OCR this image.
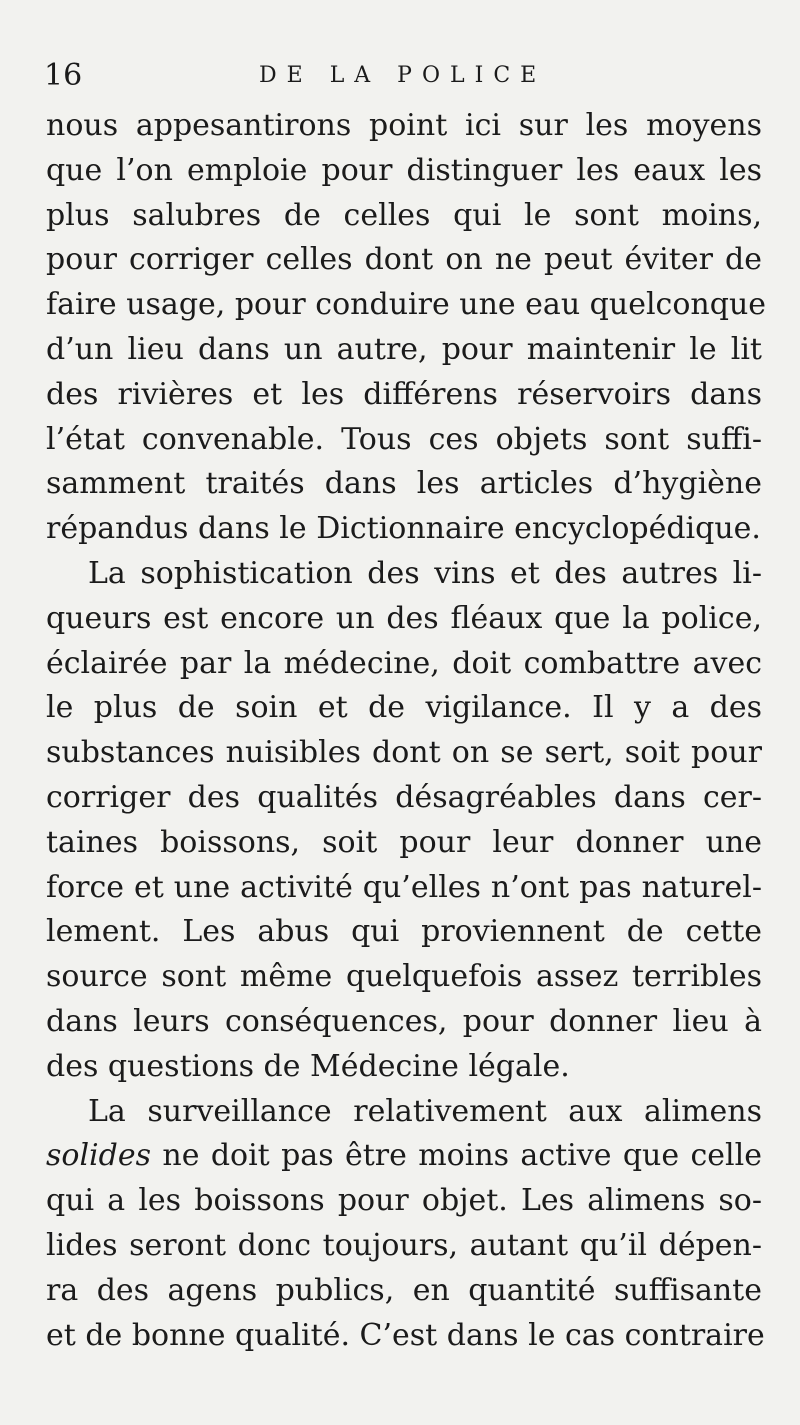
16	DE LA POLICE
nous appesantirons point ici sur les moyens
que l’on emploie pour distinguer les eaux les
plus salubres de celles qui le sont moins,
pour corriger celles dont on ne peut éviter de
faire usage, pour conduire une eau quelconque
d’un lieu dans un autre, pour maintenir le lit
des rivières et les différens réservoirs dans
l’état convenable. Tous ces objets sont suffi-
samment traités dans les articles d’hygiène
répandus dans le Dictionnaire encyclopédique.
La sophistication des vins et des autres li-
queurs est encore un des fléaux que la police,
éclairée par la médecine, doit combattre avec
le plus de soin et de vigilance. Il y a des
substances nuisibles dont on se sert, soit pour
corriger des qualités désagréables dans cer-
taines boissons, soit pour leur donner une
force et une activité qu’elles n’ont pas naturel-
lement. Les abus qui proviennent de cette
source sont même quelquefois assez terribles
dans leurs conséquences, pour donner lieu à
des questions de Médecine légale.
La surveillance relativement aux alimens
solides ne doit pas être moins active que celle
qui a les boissons pour objet. Les alimens so-
lides seront donc toujours, autant qu’il dépen-
ra des agens publics, en quantité suffisante
et de bonne qualité. C’est dans le cas contraire
